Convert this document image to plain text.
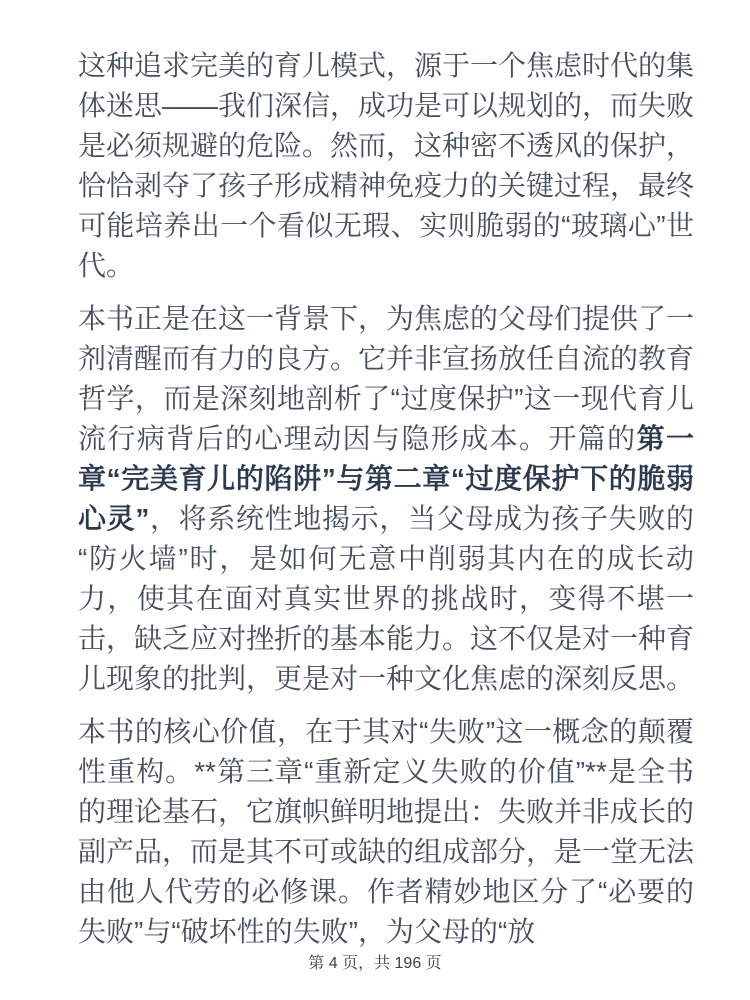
这种追求完美的育儿模式，源于一个焦虑时代的集体迷思——我们深信，成功是可以规划的，而失败是必须规避的危险。然而，这种密不透风的保护，恰恰剥夺了孩子形成精神免疫力的关键过程，最终可能培养出一个看似无瑕、实则脆弱的“玻璃心”世代。

本书正是在这一背景下，为焦虑的父母们提供了一剂清醒而有力的良方。它并非宣扬放任自流的教育哲学，而是深刻地剖析了“过度保护”这一现代育儿流行病背后的心理动因与隐形成本。开篇的第一章“完美育儿的陷阱”与第二章“过度保护下的脆弱心灵”，将系统性地揭示，当父母成为孩子失败的“防火墙”时，是如何无意中削弱其内在的成长动力，使其在面对真实世界的挑战时，变得不堪一击，缺乏应对挫折的基本能力。这不仅是对一种育儿现象的批判，更是对一种文化焦虑的深刻反思。

本书的核心价值，在于其对“失败”这一概念的颠覆性重构。**第三章“重新定义失败的价值”**是全书的理论基石，它旗帜鲜明地提出：失败并非成长的副产品，而是其不可或缺的组成部分，是一堂无法由他人代劳的必修课。作者精妙地区分了“必要的失败”与“破坏性的失败”，为父母的“放

第 4 页，共 196 页
